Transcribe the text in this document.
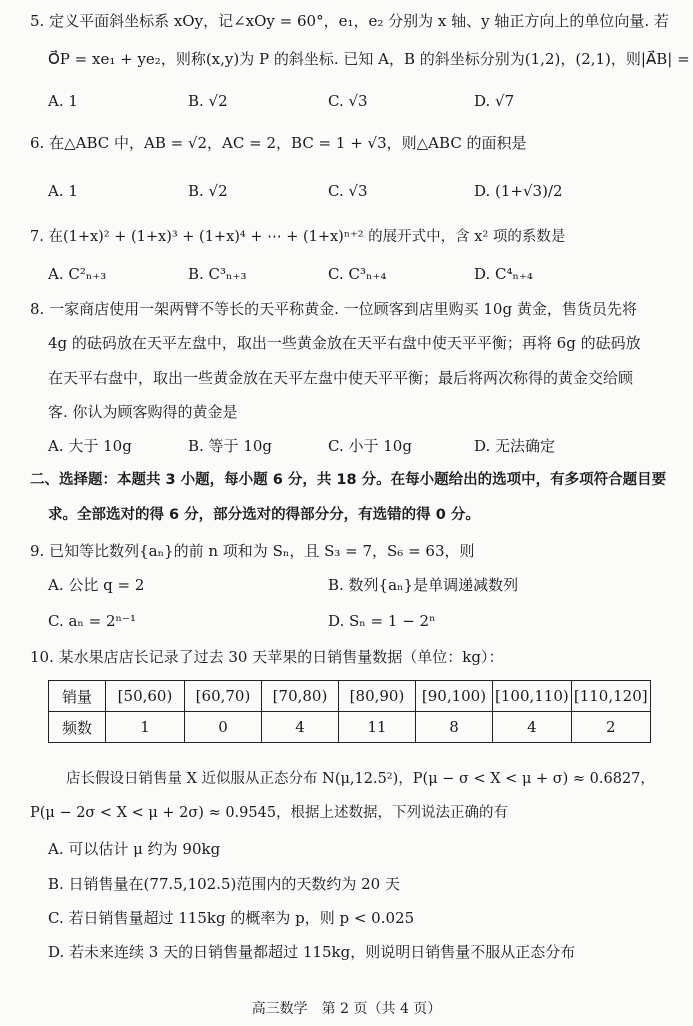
5. 定义平面斜坐标系 xOy，记∠xOy = 60°，e₁，e₂ 分别为 x 轴、y 轴正方向上的单位向量. 若
O⃗P = xe₁ + ye₂，则称(x,y)为 P 的斜坐标. 已知 A，B 的斜坐标分别为(1,2)，(2,1)，则|A⃗B| =
A. 1	B. √2	C. √3	D. √7
6. 在△ABC 中，AB = √2，AC = 2，BC = 1 + √3，则△ABC 的面积是
A. 1	B. √2	C. √3	D. (1+√3)/2
7. 在(1+x)² + (1+x)³ + (1+x)⁴ + ⋯ + (1+x)ⁿ⁺² 的展开式中，含 x² 项的系数是
A. C²ₙ₊₃	B. C³ₙ₊₃	C. C³ₙ₊₄	D. C⁴ₙ₊₄
8. 一家商店使用一架两臂不等长的天平称黄金. 一位顾客到店里购买 10g 黄金，售货员先将
4g 的砝码放在天平左盘中，取出一些黄金放在天平右盘中使天平平衡；再将 6g 的砝码放
在天平右盘中，取出一些黄金放在天平左盘中使天平平衡；最后将两次称得的黄金交给顾
客. 你认为顾客购得的黄金是
A. 大于 10g	B. 等于 10g	C. 小于 10g	D. 无法确定
二、选择题：本题共 3 小题，每小题 6 分，共 18 分。在每小题给出的选项中，有多项符合题目要
求。全部选对的得 6 分，部分选对的得部分分，有选错的得 0 分。
9. 已知等比数列{aₙ}的前 n 项和为 Sₙ，且 S₃ = 7，S₆ = 63，则
A. 公比 q = 2	B. 数列{aₙ}是单调递减数列
C. aₙ = 2ⁿ⁻¹	D. Sₙ = 1 − 2ⁿ
10. 某水果店店长记录了过去 30 天苹果的日销售量数据（单位：kg）：
销量	[50,60)	[60,70)	[70,80)	[80,90)	[90,100)	[100,110)	[110,120]
频数	1	0	4	11	8	4	2
店长假设日销售量 X 近似服从正态分布 N(μ,12.5²)，P(μ − σ < X < μ + σ) ≈ 0.6827，
P(μ − 2σ < X < μ + 2σ) ≈ 0.9545，根据上述数据，下列说法正确的有
A. 可以估计 μ 约为 90kg
B. 日销售量在(77.5,102.5)范围内的天数约为 20 天
C. 若日销售量超过 115kg 的概率为 p，则 p < 0.025
D. 若未来连续 3 天的日销售量都超过 115kg，则说明日销售量不服从正态分布
高三数学　第 2 页（共 4 页）
